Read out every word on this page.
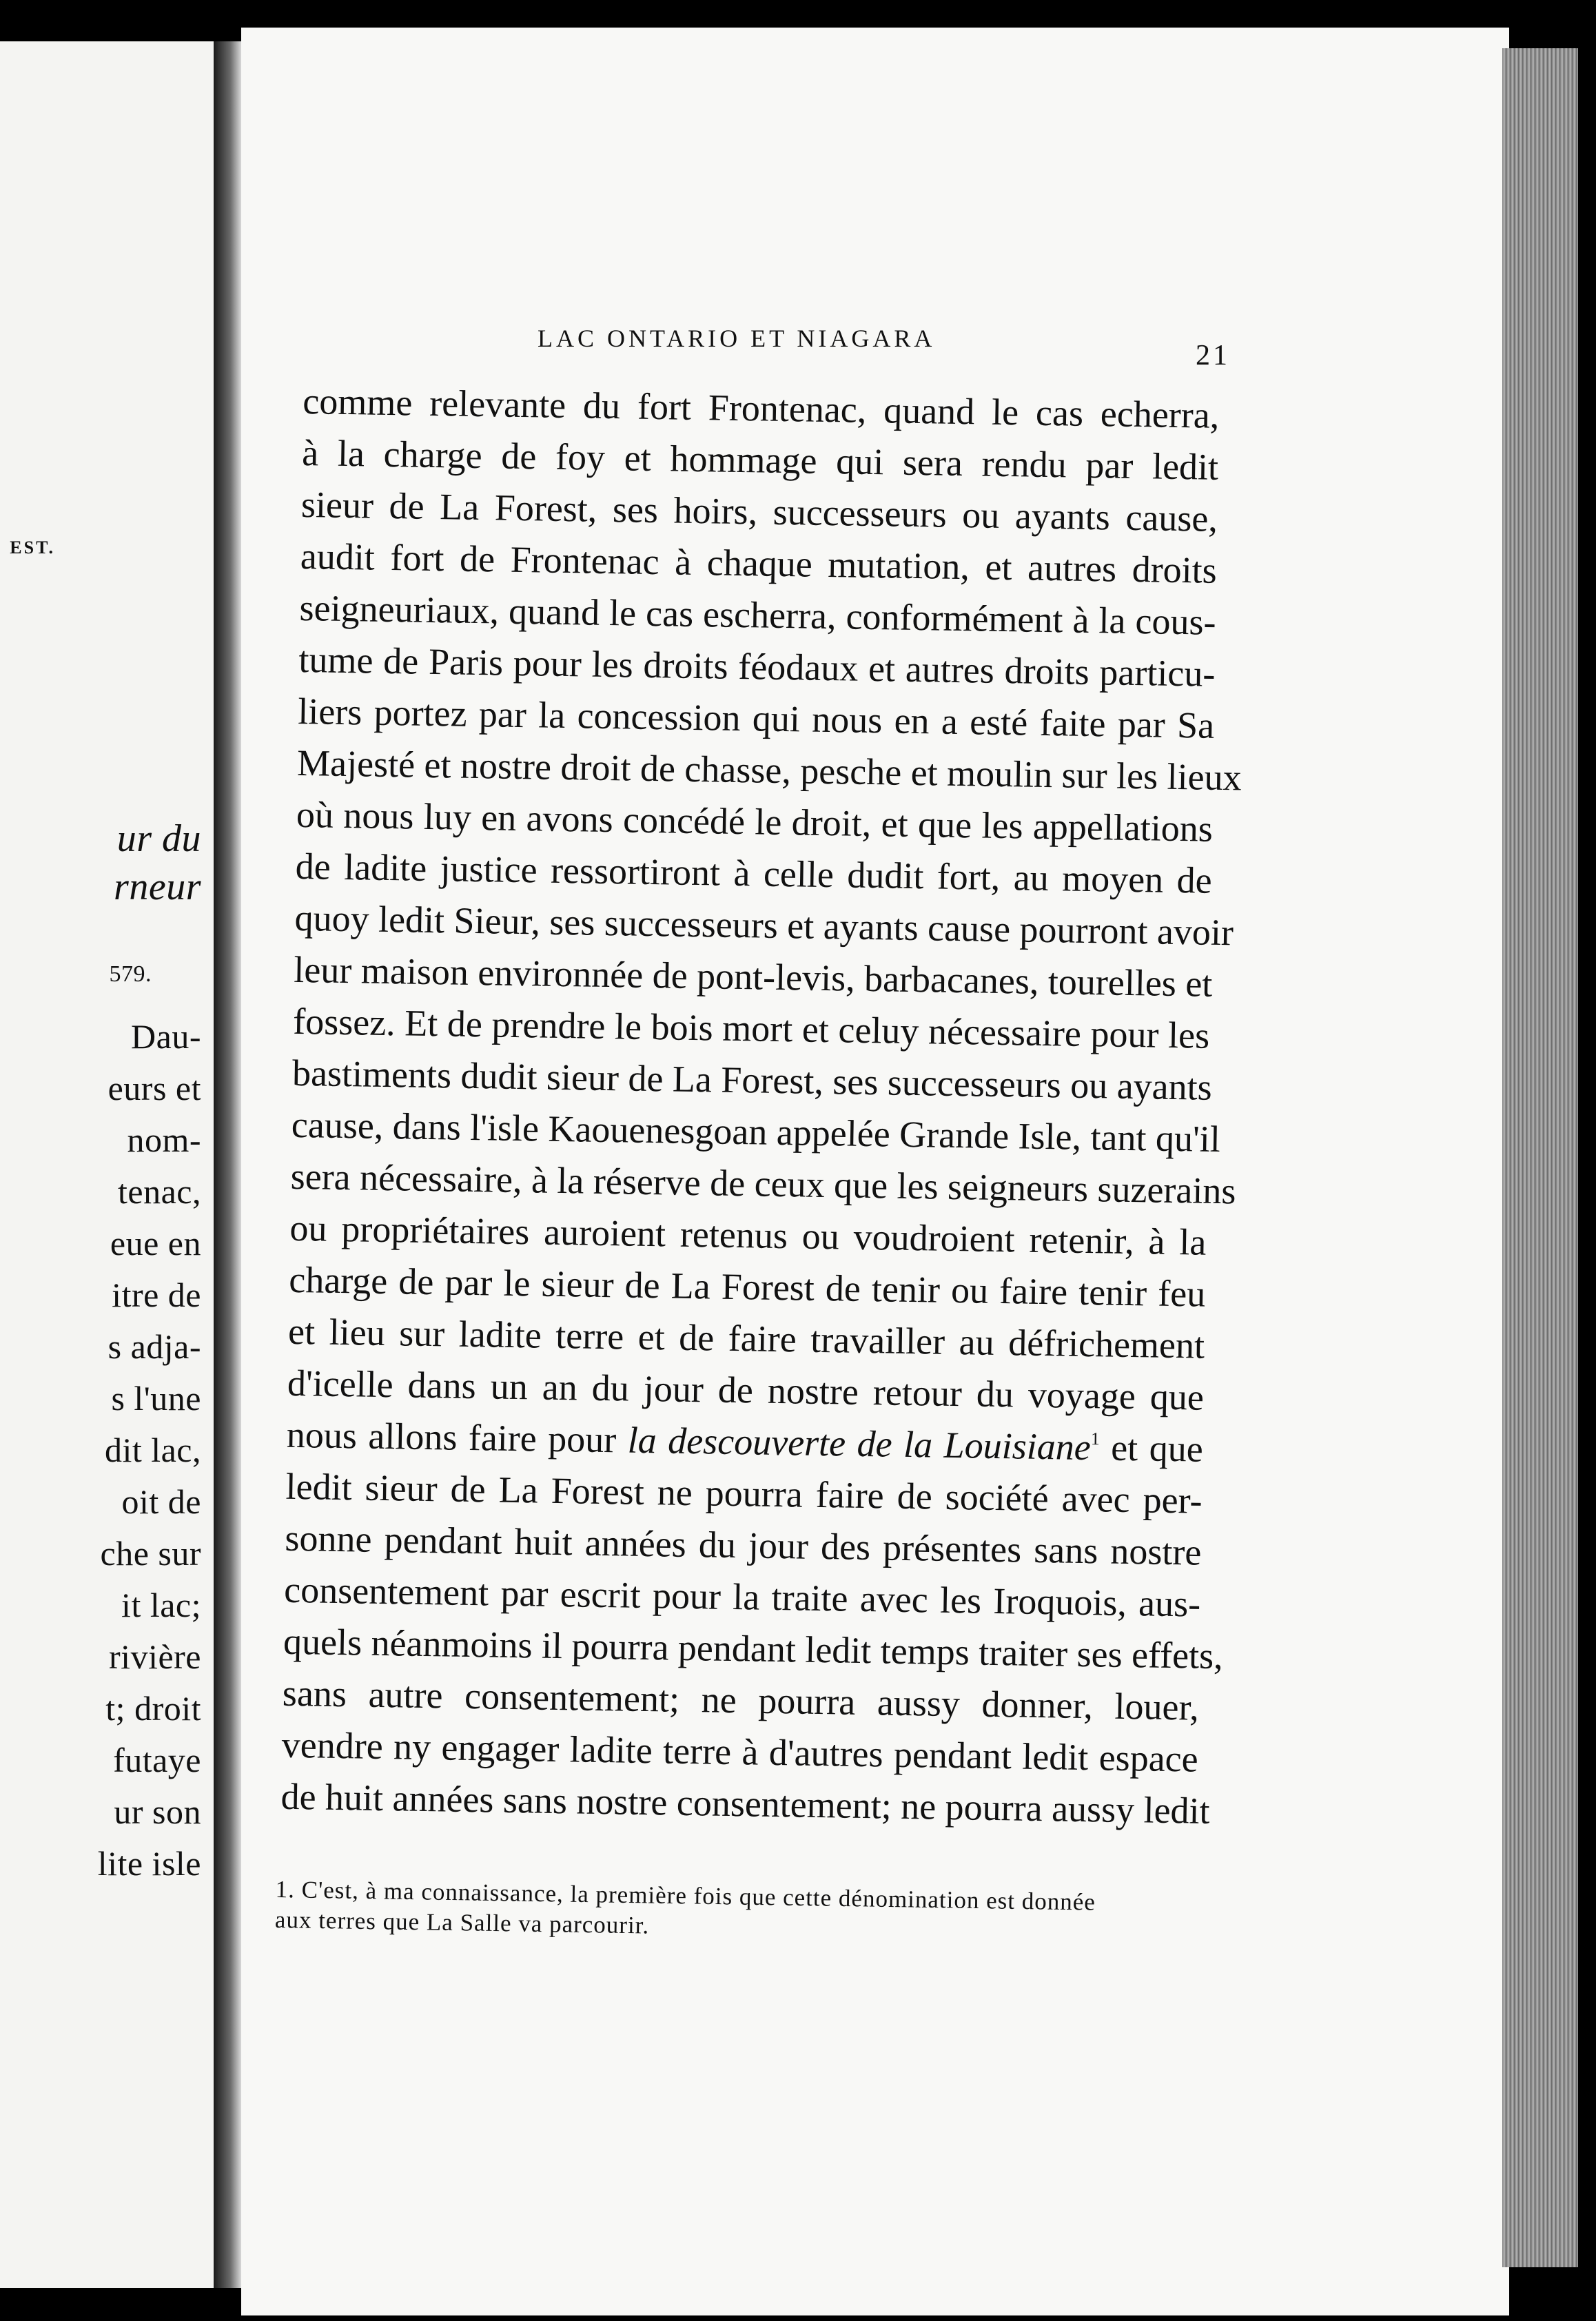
EST.
ur du
rneur
579.
Dau-
eurs et
nom-
tenac,
eue en
itre de
s adja-
s l'une
dit lac,
oit de
che sur
it lac;
rivière
t; droit
futaye
ur son
lite isle
LAC ONTARIO ET NIAGARA
21
comme relevante du fort Frontenac, quand le cas echerra,
à la charge de foy et hommage qui sera rendu par ledit
sieur de La Forest, ses hoirs, successeurs ou ayants cause,
audit fort de Frontenac à chaque mutation, et autres droits
seigneuriaux, quand le cas escherra, conformément à la cous-
tume de Paris pour les droits féodaux et autres droits particu-
liers portez par la concession qui nous en a esté faite par Sa
Majesté et nostre droit de chasse, pesche et moulin sur les lieux
où nous luy en avons concédé le droit, et que les appellations
de ladite justice ressortiront à celle dudit fort, au moyen de
quoy ledit Sieur, ses successeurs et ayants cause pourront avoir
leur maison environnée de pont-levis, barbacanes, tourelles et
fossez. Et de prendre le bois mort et celuy nécessaire pour les
bastiments dudit sieur de La Forest, ses successeurs ou ayants
cause, dans l'isle Kaouenesgoan appelée Grande Isle, tant qu'il
sera nécessaire, à la réserve de ceux que les seigneurs suzerains
ou propriétaires auroient retenus ou voudroient retenir, à la
charge de par le sieur de La Forest de tenir ou faire tenir feu
et lieu sur ladite terre et de faire travailler au défrichement
d'icelle dans un an du jour de nostre retour du voyage que
nous allons faire pour la descouverte de la Louisiane$^1$ et que
ledit sieur de La Forest ne pourra faire de société avec per-
sonne pendant huit années du jour des présentes sans nostre
consentement par escrit pour la traite avec les Iroquois, aus-
quels néanmoins il pourra pendant ledit temps traiter ses effets,
sans autre consentement; ne pourra aussy donner, louer,
vendre ny engager ladite terre à d'autres pendant ledit espace
de huit années sans nostre consentement; ne pourra aussy ledit
1. C'est, à ma connaissance, la première fois que cette dénomination est donnée
aux terres que La Salle va parcourir.
